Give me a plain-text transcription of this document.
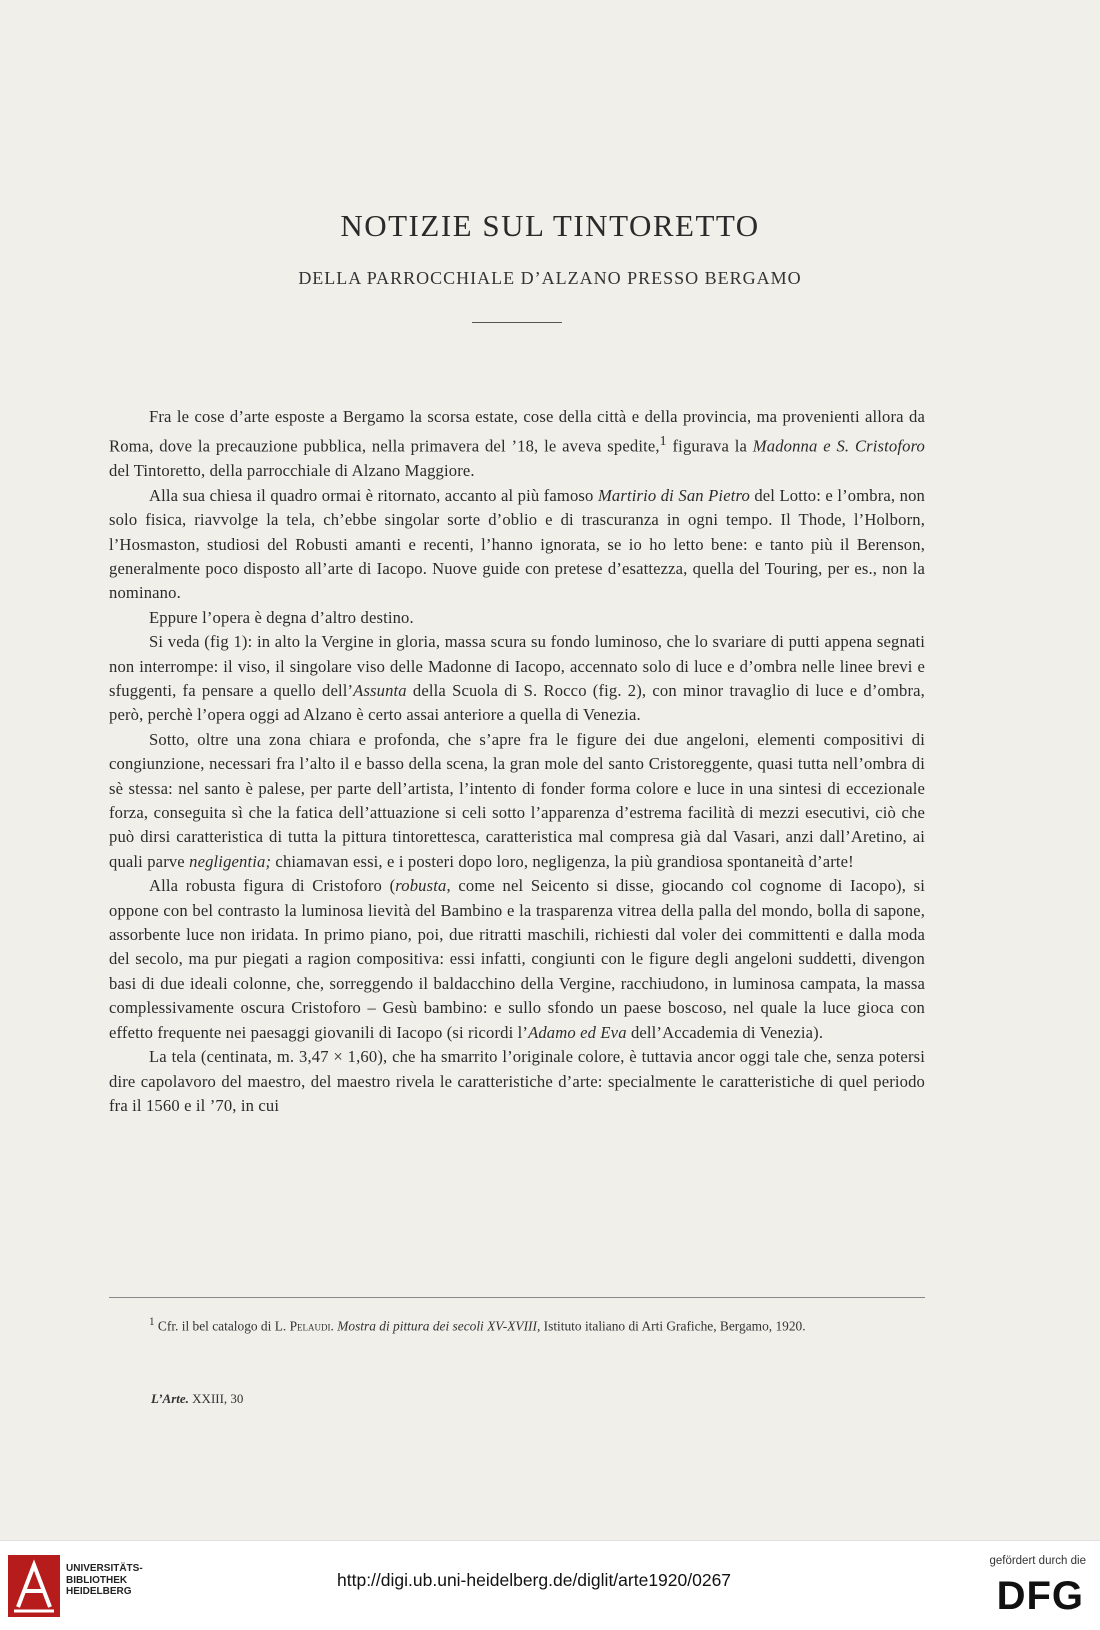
NOTIZIE SUL TINTORETTO
DELLA PARROCCHIALE D’ALZANO PRESSO BERGAMO

Fra le cose d’arte esposte a Bergamo la scorsa estate, cose della città e della provincia, ma provenienti allora da Roma, dove la precauzione pubblica, nella primavera del ’18, le aveva spedite,$^1$ figurava la Madonna e S. Cristoforo del Tintoretto, della parrocchiale di Alzano Maggiore.

Alla sua chiesa il quadro ormai è ritornato, accanto al più famoso Martirio di San Pietro del Lotto: e l’ombra, non solo fisica, riavvolge la tela, ch’ebbe singolar sorte d’oblio e di trascuranza in ogni tempo. Il Thode, l’Holborn, l’Hosmaston, studiosi del Robusti amanti e recenti, l’hanno ignorata, se io ho letto bene: e tanto più il Berenson, generalmente poco disposto all’arte di Iacopo. Nuove guide con pretese d’esattezza, quella del Touring, per es., non la nominano.

Eppure l’opera è degna d’altro destino.

Si veda (fig 1): in alto la Vergine in gloria, massa scura su fondo luminoso, che lo svariare di putti appena segnati non interrompe: il viso, il singolare viso delle Madonne di Iacopo, accennato solo di luce e d’ombra nelle linee brevi e sfuggenti, fa pensare a quello dell’Assunta della Scuola di S. Rocco (fig. 2), con minor travaglio di luce e d’ombra, però, perchè l’opera oggi ad Alzano è certo assai anteriore a quella di Venezia.

Sotto, oltre una zona chiara e profonda, che s’apre fra le figure dei due angeloni, elementi compositivi di congiunzione, necessari fra l’alto il e basso della scena, la gran mole del santo Cristoreggente, quasi tutta nell’ombra di sè stessa: nel santo è palese, per parte dell’artista, l’intento di fonder forma colore e luce in una sintesi di eccezionale forza, conseguita sì che la fatica dell’attuazione si celi sotto l’apparenza d’estrema facilità di mezzi esecutivi, ciò che può dirsi caratteristica di tutta la pittura tintorettesca, caratteristica mal compresa già dal Vasari, anzi dall’Aretino, ai quali parve negligentia; chiamavan essi, e i posteri dopo loro, negligenza, la più grandiosa spontaneità d’arte!

Alla robusta figura di Cristoforo (robusta, come nel Seicento si disse, giocando col cognome di Iacopo), si oppone con bel contrasto la luminosa lievità del Bambino e la trasparenza vitrea della palla del mondo, bolla di sapone, assorbente luce non iridata. In primo piano, poi, due ritratti maschili, richiesti dal voler dei committenti e dalla moda del secolo, ma pur piegati a ragion compositiva: essi infatti, congiunti con le figure degli angeloni suddetti, divengon basi di due ideali colonne, che, sorreggendo il baldacchino della Vergine, racchiudono, in luminosa campata, la massa complessivamente oscura Cristoforo – Gesù bambino: e sullo sfondo un paese boscoso, nel quale la luce gioca con effetto frequente nei paesaggi giovanili di Iacopo (si ricordi l’Adamo ed Eva dell’Accademia di Venezia).

La tela (centinata, m. 3,47 × 1,60), che ha smarrito l’originale colore, è tuttavia ancor oggi tale che, senza potersi dire capolavoro del maestro, del maestro rivela le caratteristiche d’arte: specialmente le caratteristiche di quel periodo fra il 1560 e il ’70, in cui

$^1$ Cfr. il bel catalogo di L. Pelaudi. Mostra di pittura dei secoli XV-XVIII, Istituto italiano di Arti Grafiche, Bergamo, 1920.

L’Arte. XXIII, 30
UNIVERSITÄTS-
BIBLIOTHEK
HEIDELBERG
http://digi.ub.uni-heidelberg.de/diglit/arte1920/0267
gefördert durch die
DFG
